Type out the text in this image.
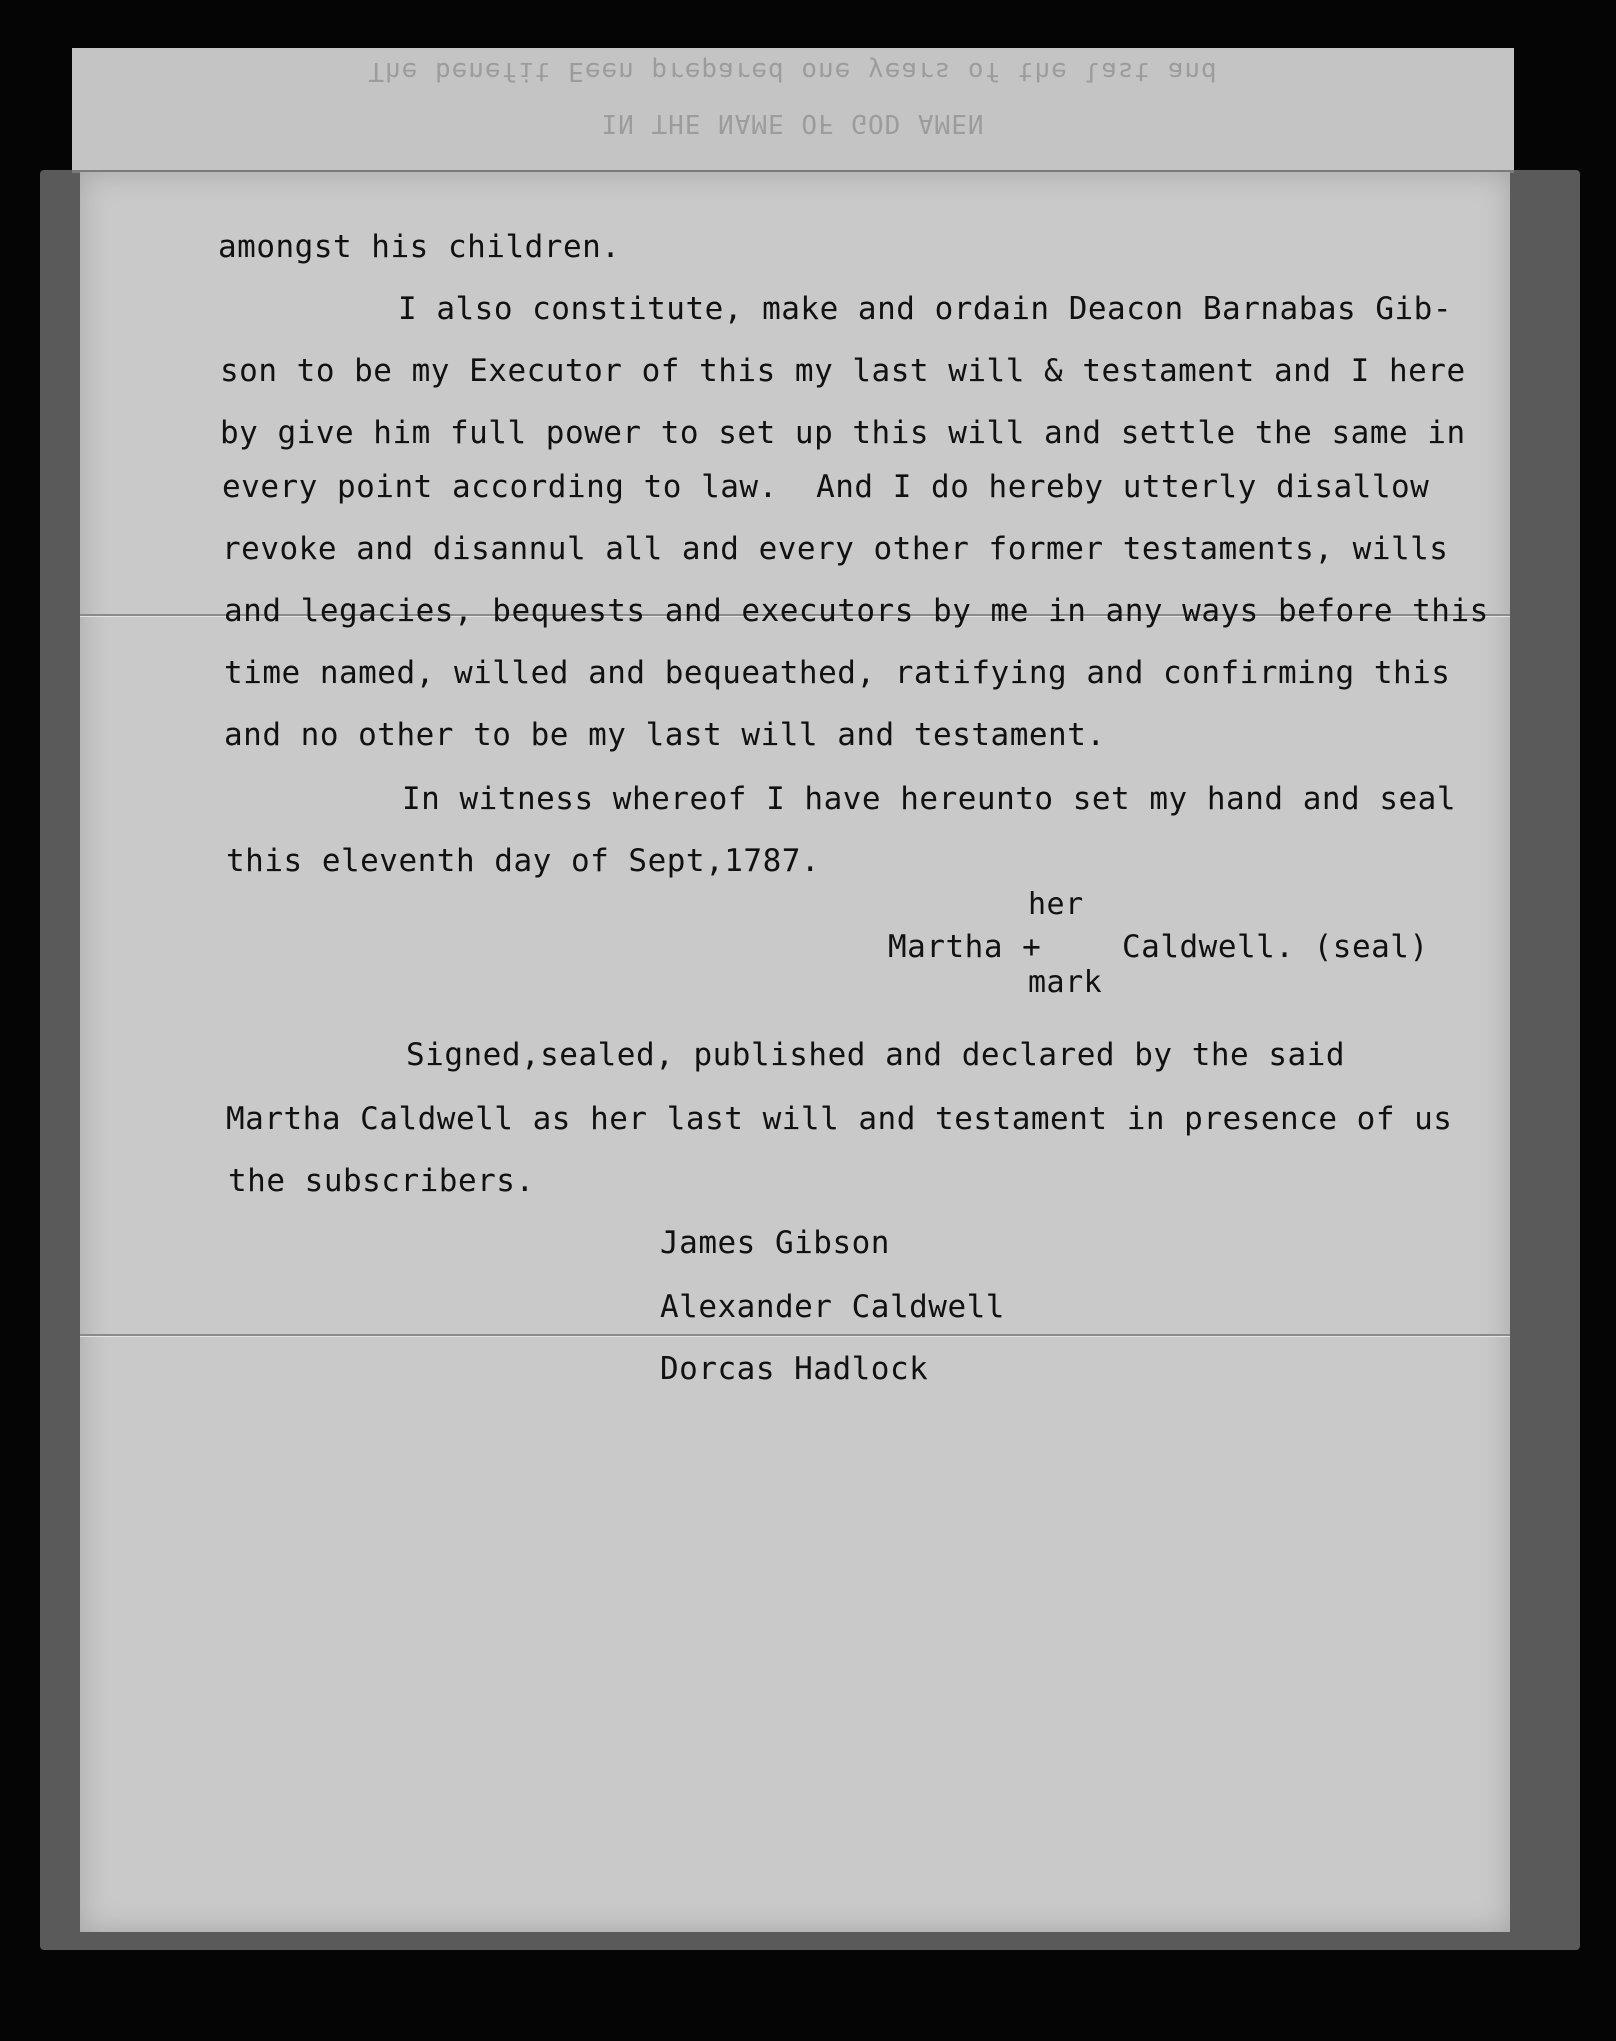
The benefit Eeen prepared one years of the last and
IN THE NAME OF GOD AMEN
amongst his children.
I also constitute, make and ordain Deacon Barnabas Gib-
son to be my Executor of this my last will & testament and I here
by give him full power to set up this will and settle the same in
every point according to law.  And I do hereby utterly disallow
revoke and disannul all and every other former testaments, wills
and legacies, bequests and executors by me in any ways before this
time named, willed and bequeathed, ratifying and confirming this
and no other to be my last will and testament.
In witness whereof I have hereunto set my hand and seal
this eleventh day of Sept,1787.
her
Martha +	Caldwell. (seal)
mark
Signed,sealed, published and declared by the said
Martha Caldwell as her last will and testament in presence of us
the subscribers.
James Gibson
Alexander Caldwell
Dorcas Hadlock
